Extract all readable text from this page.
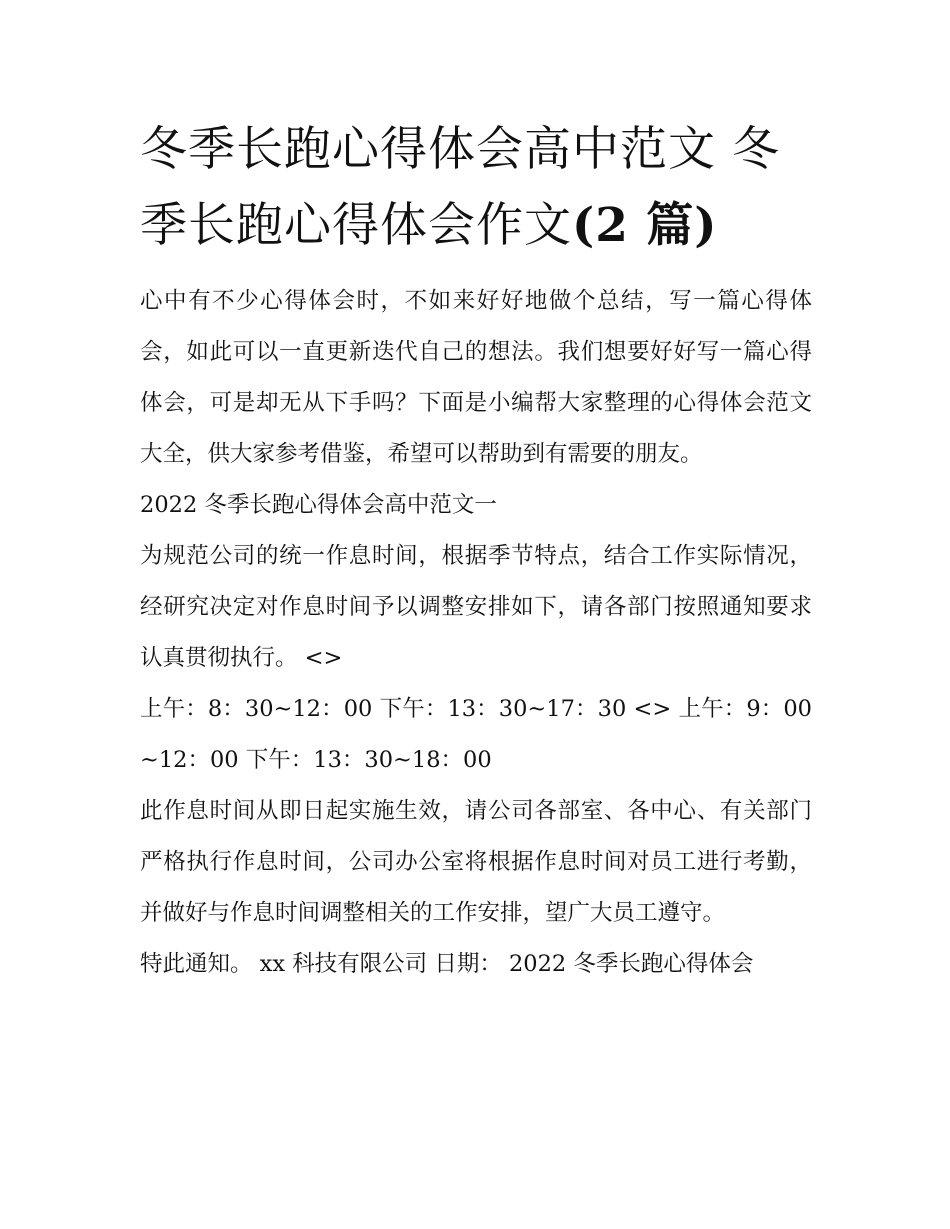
冬季长跑心得体会高中范文 冬季长跑心得体会作文(2 篇)

心中有不少心得体会时，不如来好好地做个总结，写一篇心得体会，如此可以一直更新迭代自己的想法。我们想要好好写一篇心得体会，可是却无从下手吗？下面是小编帮大家整理的心得体会范文大全，供大家参考借鉴，希望可以帮助到有需要的朋友。

2022 冬季长跑心得体会高中范文一

为规范公司的统一作息时间，根据季节特点，结合工作实际情况，经研究决定对作息时间予以调整安排如下，请各部门按照通知要求认真贯彻执行。 <>

上午：8：30~12：00 下午：13：30~17：30 <> 上午：9：00~12：00 下午：13：30~18：00

此作息时间从即日起实施生效，请公司各部室、各中心、有关部门严格执行作息时间，公司办公室将根据作息时间对员工进行考勤，并做好与作息时间调整相关的工作安排，望广大员工遵守。

特此通知。 xx 科技有限公司 日期： 2022 冬季长跑心得体会
